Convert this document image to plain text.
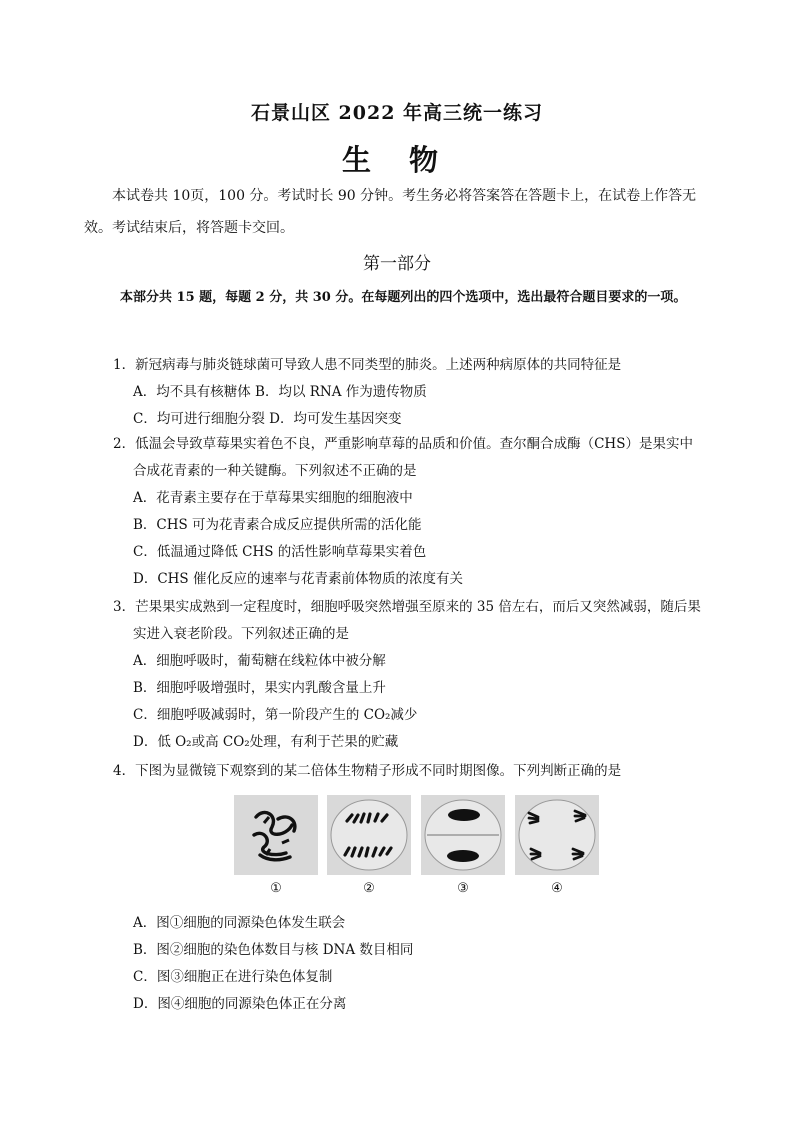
石景山区 2022 年高三统一练习
生 物
本试卷共 10页，100 分。考试时长 90 分钟。考生务必将答案答在答题卡上，在试卷上作答无效。考试结束后，将答题卡交回。
第一部分
本部分共 15 题，每题 2 分，共 30 分。在每题列出的四个选项中，选出最符合题目要求的一项。
1．新冠病毒与肺炎链球菌可导致人患不同类型的肺炎。上述两种病原体的共同特征是
A．均不具有核糖体 B．均以 RNA 作为遗传物质
C．均可进行细胞分裂 D．均可发生基因突变
2．低温会导致草莓果实着色不良，严重影响草莓的品质和价值。查尔酮合成酶（CHS）是果实中合成花青素的一种关键酶。下列叙述不正确的是
A．花青素主要存在于草莓果实细胞的细胞液中
B．CHS 可为花青素合成反应提供所需的活化能
C．低温通过降低 CHS 的活性影响草莓果实着色
D．CHS 催化反应的速率与花青素前体物质的浓度有关
3．芒果果实成熟到一定程度时，细胞呼吸突然增强至原来的 35 倍左右，而后又突然减弱，随后果实进入衰老阶段。下列叙述正确的是
A．细胞呼吸时，葡萄糖在线粒体中被分解
B．细胞呼吸增强时，果实内乳酸含量上升
C．细胞呼吸减弱时，第一阶段产生的 CO₂减少
D．低 O₂或高 CO₂处理，有利于芒果的贮藏
4．下图为显微镜下观察到的某二倍体生物精子形成不同时期图像。下列判断正确的是
①	②	③	④
A．图①细胞的同源染色体发生联会
B．图②细胞的染色体数目与核 DNA 数目相同
C．图③细胞正在进行染色体复制
D．图④细胞的同源染色体正在分离
